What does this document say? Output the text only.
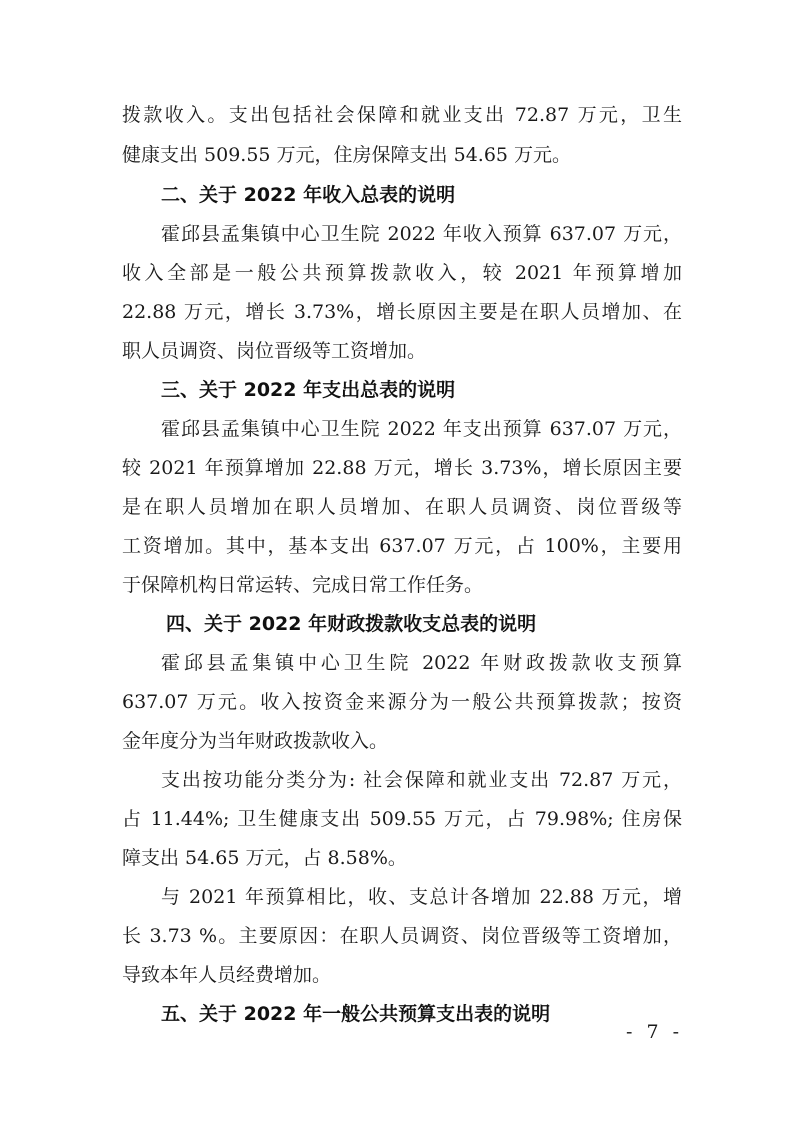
拨款收入。支出包括社会保障和就业支出 72.87 万元，卫生
健康支出 509.55 万元，住房保障支出 54.65 万元。
二、关于 2022 年收入总表的说明
霍邱县孟集镇中心卫生院 2022 年收入预算 637.07 万元，
收入全部是一般公共预算拨款收入，较 2021 年预算增加
22.88 万元，增长 3.73%，增长原因主要是在职人员增加、在
职人员调资、岗位晋级等工资增加。
三、关于 2022 年支出总表的说明
霍邱县孟集镇中心卫生院 2022 年支出预算 637.07 万元，
较 2021 年预算增加 22.88 万元，增长 3.73%，增长原因主要
是在职人员增加在职人员增加、在职人员调资、岗位晋级等
工资增加。其中，基本支出 637.07 万元，占 100%，主要用
于保障机构日常运转、完成日常工作任务。
四、关于 2022 年财政拨款收支总表的说明
霍邱县孟集镇中心卫生院 2022 年财政拨款收支预算
637.07 万元。收入按资金来源分为一般公共预算拨款；按资
金年度分为当年财政拨款收入。
支出按功能分类分为: 社会保障和就业支出 72.87 万元，
占 11.44%; 卫生健康支出 509.55 万元，占 79.98%; 住房保
障支出 54.65 万元，占 8.58%。
与 2021 年预算相比，收、支总计各增加 22.88 万元，增
长 3.73 %。主要原因：在职人员调资、岗位晋级等工资增加，
导致本年人员经费增加。
五、关于 2022 年一般公共预算支出表的说明
- 7 -
